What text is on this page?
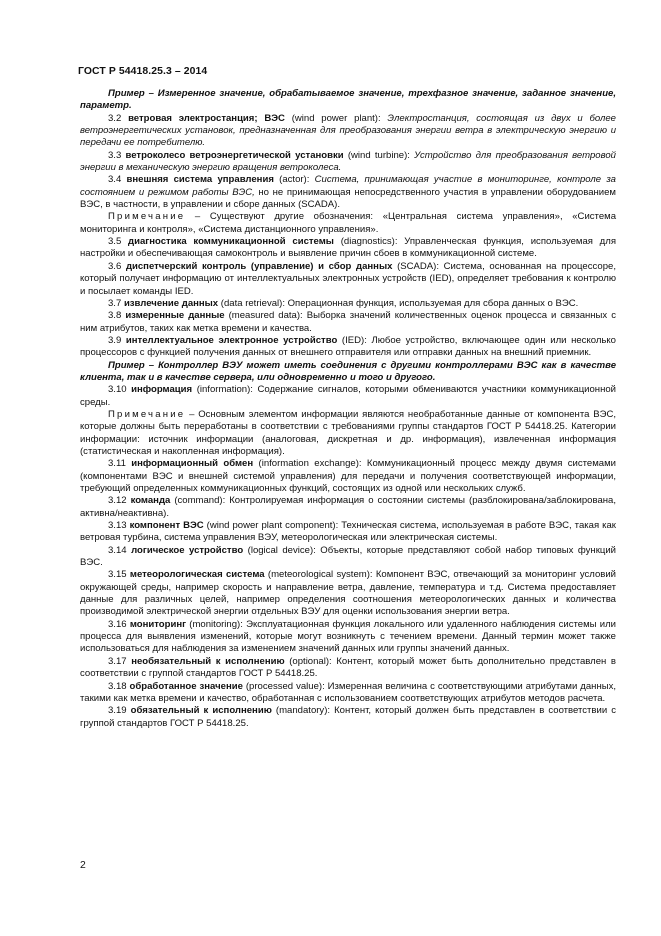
ГОСТ Р 54418.25.3 – 2014

Пример – Измеренное значение, обрабатываемое значение, трехфазное значение, заданное значение, параметр.

3.2 ветровая электростанция; ВЭС (wind power plant): Электростанция, состоящая из двух и более ветроэнергетических установок, предназначенная для преобразования энергии ветра в электрическую энергию и передачи ее потребителю.

3.3 ветроколесо ветроэнергетической установки (wind turbine): Устройство для преобразования ветровой энергии в механическую энергию вращения ветроколеса.

3.4 внешняя система управления (actor): Система, принимающая участие в мониторинге, контроле за состоянием и режимом работы ВЭС, но не принимающая непосредственного участия в управлении оборудованием ВЭС, в частности, в управлении и сборе данных (SCADA).

Примечание – Существуют другие обозначения: «Центральная система управления», «Система мониторинга и контроля», «Система дистанционного управления».

3.5 диагностика коммуникационной системы (diagnostics): Управленческая функция, используемая для настройки и обеспечивающая самоконтроль и выявление причин сбоев в коммуникационной системе.

3.6 диспетчерский контроль (управление) и сбор данных (SCADA): Система, основанная на процессоре, который получает информацию от интеллектуальных электронных устройств (IED), определяет требования к контролю и посылает команды IED.

3.7 извлечение данных (data retrieval): Операционная функция, используемая для сбора данных о ВЭС.

3.8 измеренные данные (measured data): Выборка значений количественных оценок процесса и связанных с ним атрибутов, таких как метка времени и качества.

3.9 интеллектуальное электронное устройство (IED): Любое устройство, включающее один или несколько процессоров с функцией получения данных от внешнего отправителя или отправки данных на внешний приемник.

Пример – Контроллер ВЭУ может иметь соединения с другими контроллерами ВЭС как в качестве клиента, так и в качестве сервера, или одновременно и того и другого.

3.10 информация (information): Содержание сигналов, которыми обмениваются участники коммуникационной среды.

Примечание – Основным элементом информации являются необработанные данные от компонента ВЭС, которые должны быть переработаны в соответствии с требованиями группы стандартов ГОСТ Р 54418.25. Категории информации: источник информации (аналоговая, дискретная и др. информация), извлеченная информация (статистическая и накопленная информация).

3.11 информационный обмен (information exchange): Коммуникационный процесс между двумя системами (компонентами ВЭС и внешней системой управления) для передачи и получения соответствующей информации, требующий определенных коммуникационных функций, состоящих из одной или нескольких служб.

3.12 команда (command): Контролируемая информация о состоянии системы (разблокирована/заблокирована, активна/неактивна).

3.13 компонент ВЭС (wind power plant component): Техническая система, используемая в работе ВЭС, такая как ветровая турбина, система управления ВЭУ, метеорологическая или электрическая системы.

3.14 логическое устройство (logical device): Объекты, которые представляют собой набор типовых функций ВЭС.

3.15 метеорологическая система (meteorological system): Компонент ВЭС, отвечающий за мониторинг условий окружающей среды, например скорость и направление ветра, давление, температура и т.д. Система предоставляет данные для различных целей, например определения соотношения метеорологических данных и количества производимой электрической энергии отдельных ВЭУ для оценки использования энергии ветра.

3.16 мониторинг (monitoring): Эксплуатационная функция локального или удаленного наблюдения системы или процесса для выявления изменений, которые могут возникнуть с течением времени. Данный термин может также использоваться для наблюдения за изменением значений данных или группы значений данных.

3.17 необязательный к исполнению (optional): Контент, который может быть дополнительно представлен в соответствии с группой стандартов ГОСТ Р 54418.25.

3.18 обработанное значение (processed value): Измеренная величина с соответствующими атрибутами данных, такими как метка времени и качество, обработанная с использованием соответствующих атрибутов методов расчета.

3.19 обязательный к исполнению (mandatory): Контент, который должен быть представлен в соответствии с группой стандартов ГОСТ Р 54418.25.

2
